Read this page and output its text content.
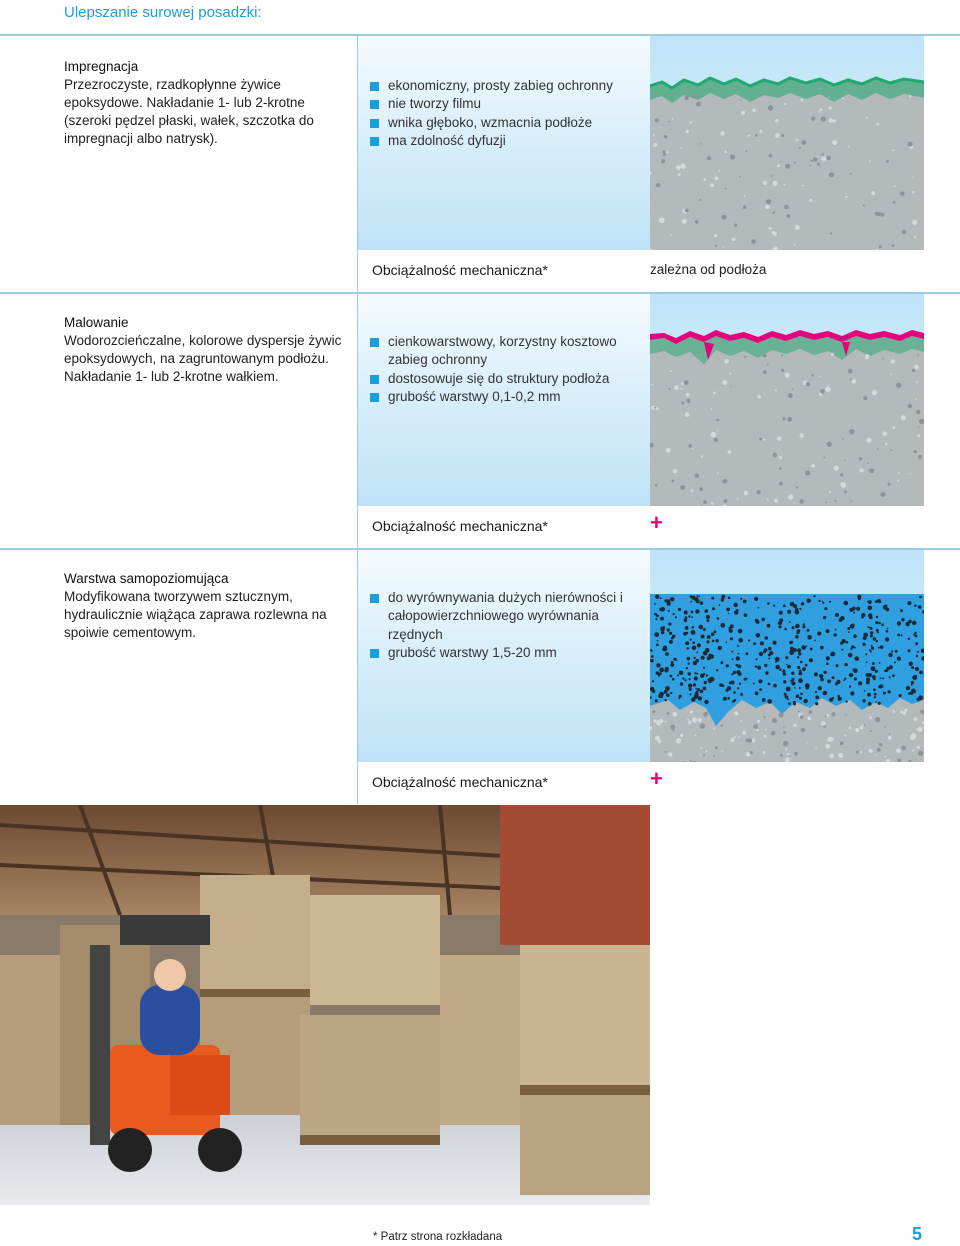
Ulepszanie surowej posadzki:
Impregnacja
Przezroczyste, rzadkopłynne żywice epoksydowe. Nakładanie 1- lub 2-krotne (szeroki pędzel płaski, wałek, szczotka do impregnacji albo natrysk).
ekonomiczny, prosty zabieg ochronny
nie tworzy filmu
wnika głęboko, wzmacnia podłoże
ma zdolność dyfuzji
Obciążalność mechaniczna*	zależna od podłoża
Malowanie
Wodorozcieńczalne, kolorowe dyspersje żywic epoksydowych, na zagruntowanym podłożu. Nakładanie 1- lub 2-krotne wałkiem.
cienkowarstwowy, korzystny kosztowo zabieg ochronny
dostosowuje się do struktury podłoża
grubość warstwy 0,1-0,2 mm
Obciążalność mechaniczna*	+
Warstwa samopoziomująca
Modyfikowana tworzywem sztucznym, hydraulicznie wiążąca zaprawa rozlewna na spoiwie cementowym.
do wyrównywania dużych nierówności i całopowierzchniowego wyrównania rzędnych
grubość warstwy 1,5-20 mm
Obciążalność mechaniczna*	+
* Patrz strona rozkładana	5
